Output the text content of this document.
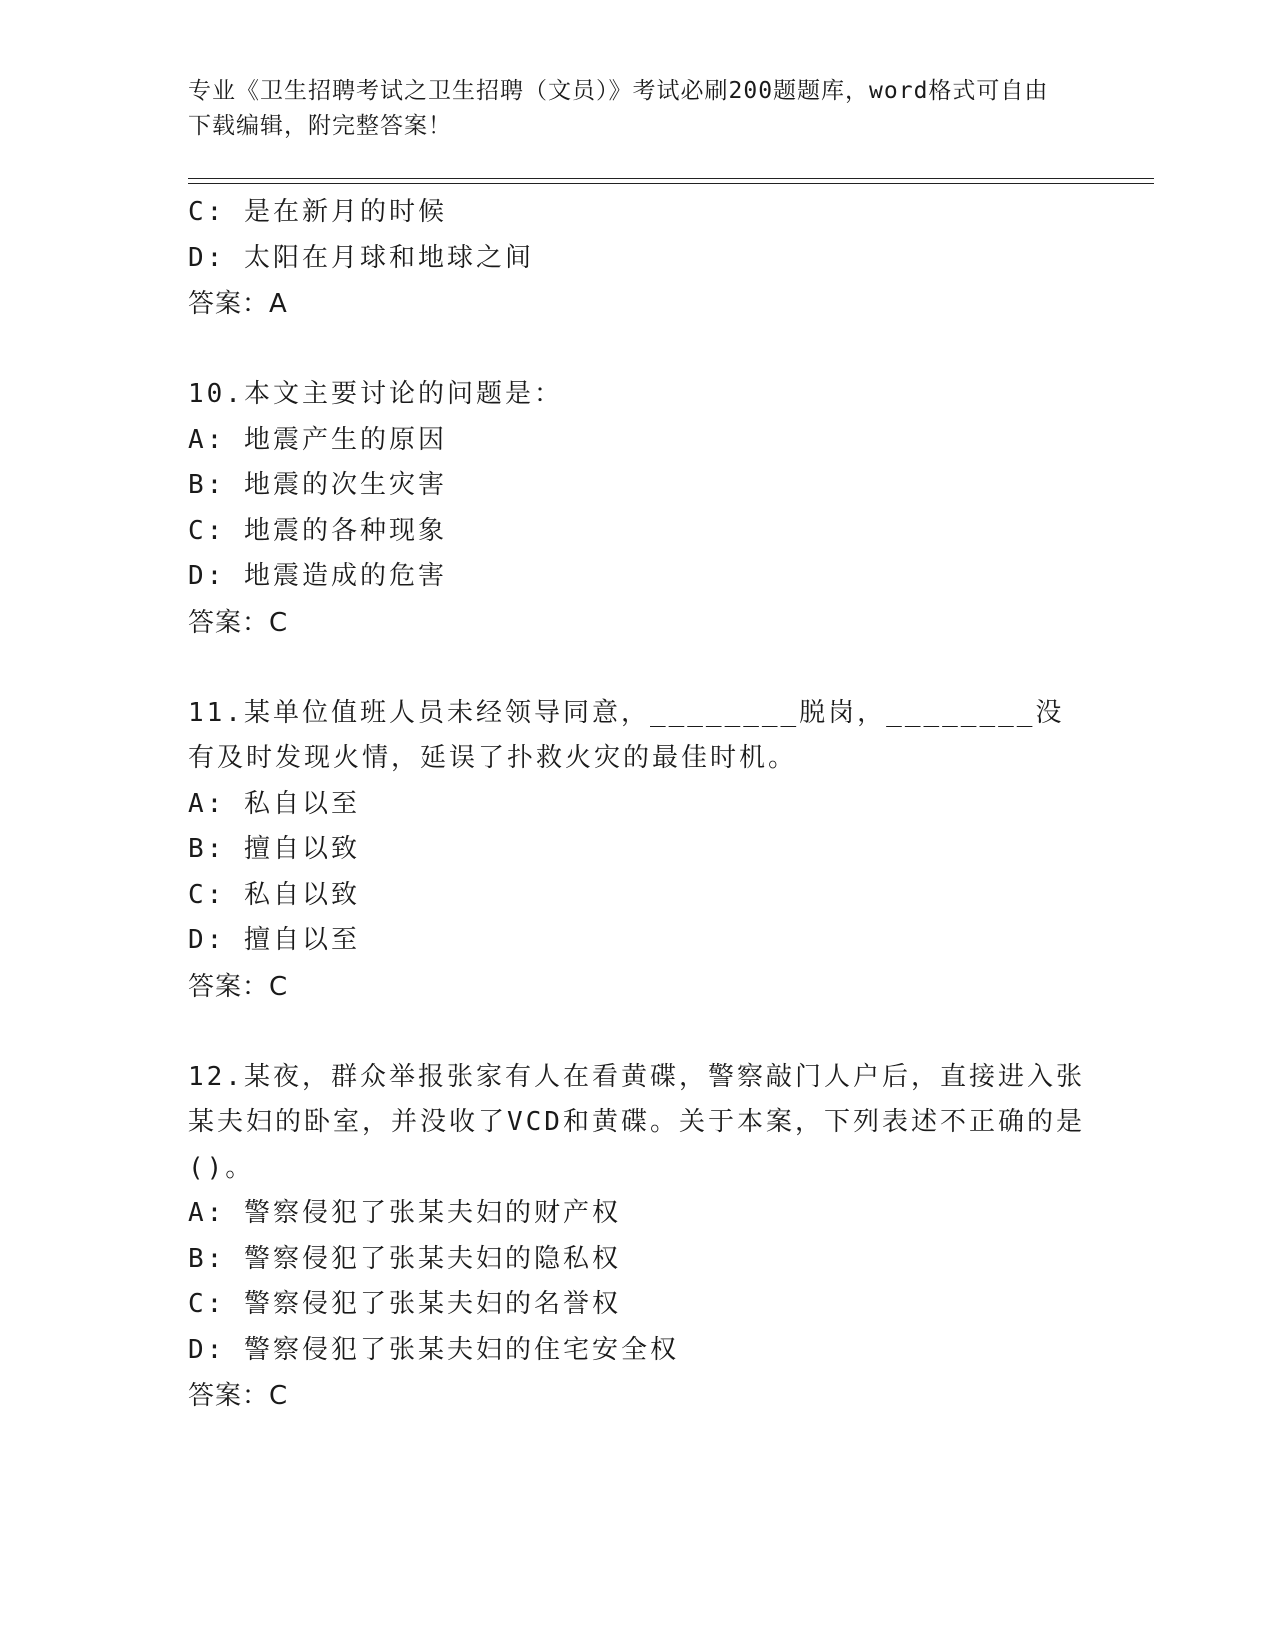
专业《卫生招聘考试之卫生招聘（文员）》考试必刷200题题库，word格式可自由下载编辑，附完整答案！
C: 是在新月的时候
D: 太阳在月球和地球之间
答案：A
10.本文主要讨论的问题是：
A: 地震产生的原因
B: 地震的次生灾害
C: 地震的各种现象
D: 地震造成的危害
答案：C
11.某单位值班人员未经领导同意，________脱岗，________没有及时发现火情，延误了扑救火灾的最佳时机。
A: 私自以至
B: 擅自以致
C: 私自以致
D: 擅自以至
答案：C
12.某夜，群众举报张家有人在看黄碟，警察敲门人户后，直接进入张某夫妇的卧室，并没收了VCD和黄碟。关于本案，下列表述不正确的是()。
A: 警察侵犯了张某夫妇的财产权
B: 警察侵犯了张某夫妇的隐私权
C: 警察侵犯了张某夫妇的名誉权
D: 警察侵犯了张某夫妇的住宅安全权
答案：C
